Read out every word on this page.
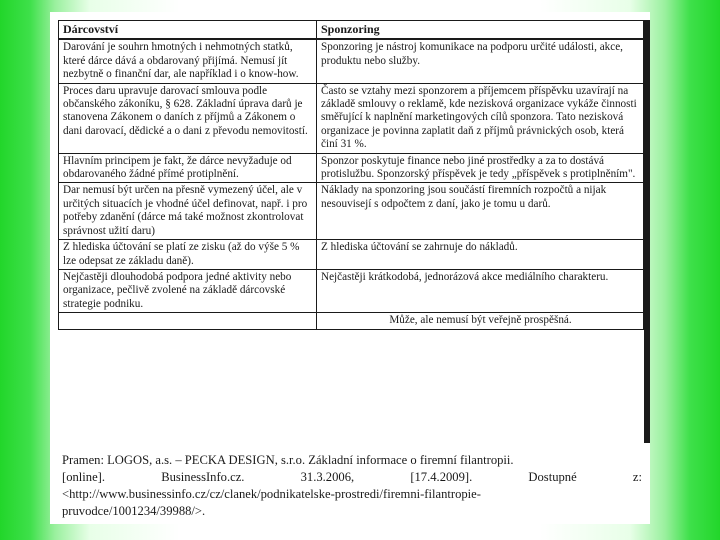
Dárcovství	Sponzoring
Darování je souhrn hmotných i nehmotných statků, které dárce dává a obdarovaný přijímá. Nemusí jít nezbytně o finanční dar, ale například i o know-how.	Sponzoring je nástroj komunikace na podporu určité události, akce, produktu nebo služby.
Proces daru upravuje darovací smlouva podle občanského zákoníku, § 628. Základní úprava darů je stanovena Zákonem o daních z příjmů a Zákonem o dani darovací, dědické a o dani z převodu nemovitostí.	Často se vztahy mezi sponzorem a příjemcem příspěvku uzavírají na základě smlouvy o reklamě, kde nezisková organizace vykáže činnosti směřující k naplnění marketingových cílů sponzora. Tato nezisková organizace je povinna zaplatit daň z příjmů právnických osob, která činí 31 %.
Hlavním principem je fakt, že dárce nevyžaduje od obdarovaného žádné přímé protiplnění.	Sponzor poskytuje finance nebo jiné prostředky a za to dostává protislužbu. Sponzorský příspěvek je tedy „příspěvek s protiplněním".
Dar nemusí být určen na přesně vymezený účel, ale v určitých situacích je vhodné účel definovat, např. i pro potřeby zdanění (dárce má také možnost zkontrolovat správnost užití daru)	Náklady na sponzoring jsou součástí firemních rozpočtů a nijak nesouvisejí s odpočtem z daní, jako je tomu u darů.
Z hlediska účtování se platí ze zisku (až do výše 5 % lze odepsat ze základu daně).	Z hlediska účtování se zahrnuje do nákladů.
Nejčastěji dlouhodobá podpora jedné aktivity nebo organizace, pečlivě zvolené na základě dárcovské strategie podniku.	Nejčastěji krátkodobá, jednorázová akce mediálního charakteru.
	Může, ale nemusí být veřejně prospěšná.
Pramen: LOGOS, a.s. – PECKA DESIGN, s.r.o. Základní informace o firemní filantropii.
[online].	BusinessInfo.cz.	31.3.2006,	[17.4.2009].	Dostupné	z:
<http://www.businessinfo.cz/cz/clanek/podnikatelske-prostredi/firemni-filantropie-
pruvodce/1001234/39988/>.
